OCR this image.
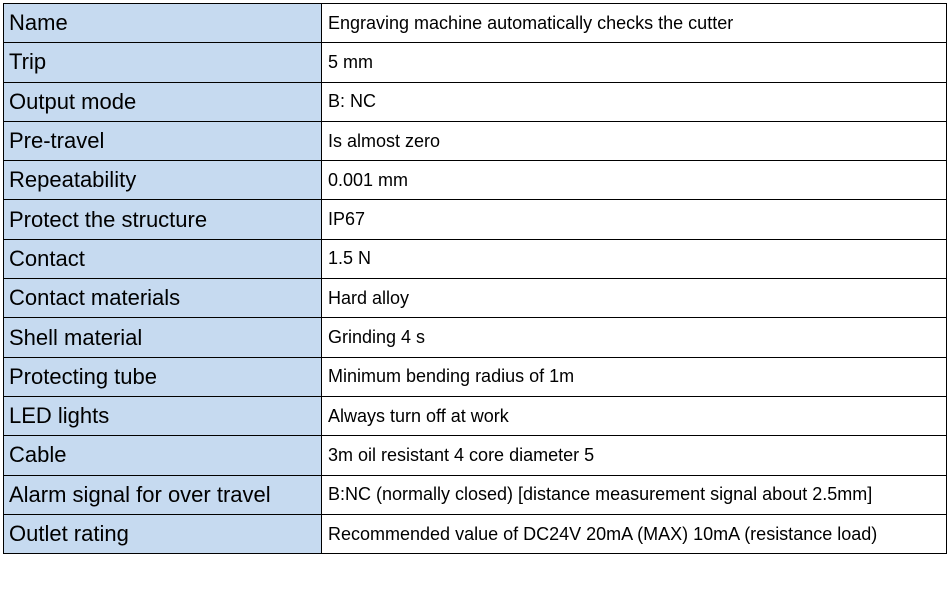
Name	Engraving machine automatically checks the cutter
Trip	5 mm
Output mode	B: NC
Pre-travel	Is almost zero
Repeatability	0.001 mm
Protect the structure	IP67
Contact	1.5 N
Contact materials	Hard alloy
Shell material	Grinding 4 s
Protecting tube	Minimum bending radius of 1m
LED lights	Always turn off at work
Cable	3m oil resistant 4 core diameter 5
Alarm signal for over travel	B:NC (normally closed) [distance measurement signal about 2.5mm]
Outlet rating	Recommended value of DC24V 20mA (MAX) 10mA (resistance load)
